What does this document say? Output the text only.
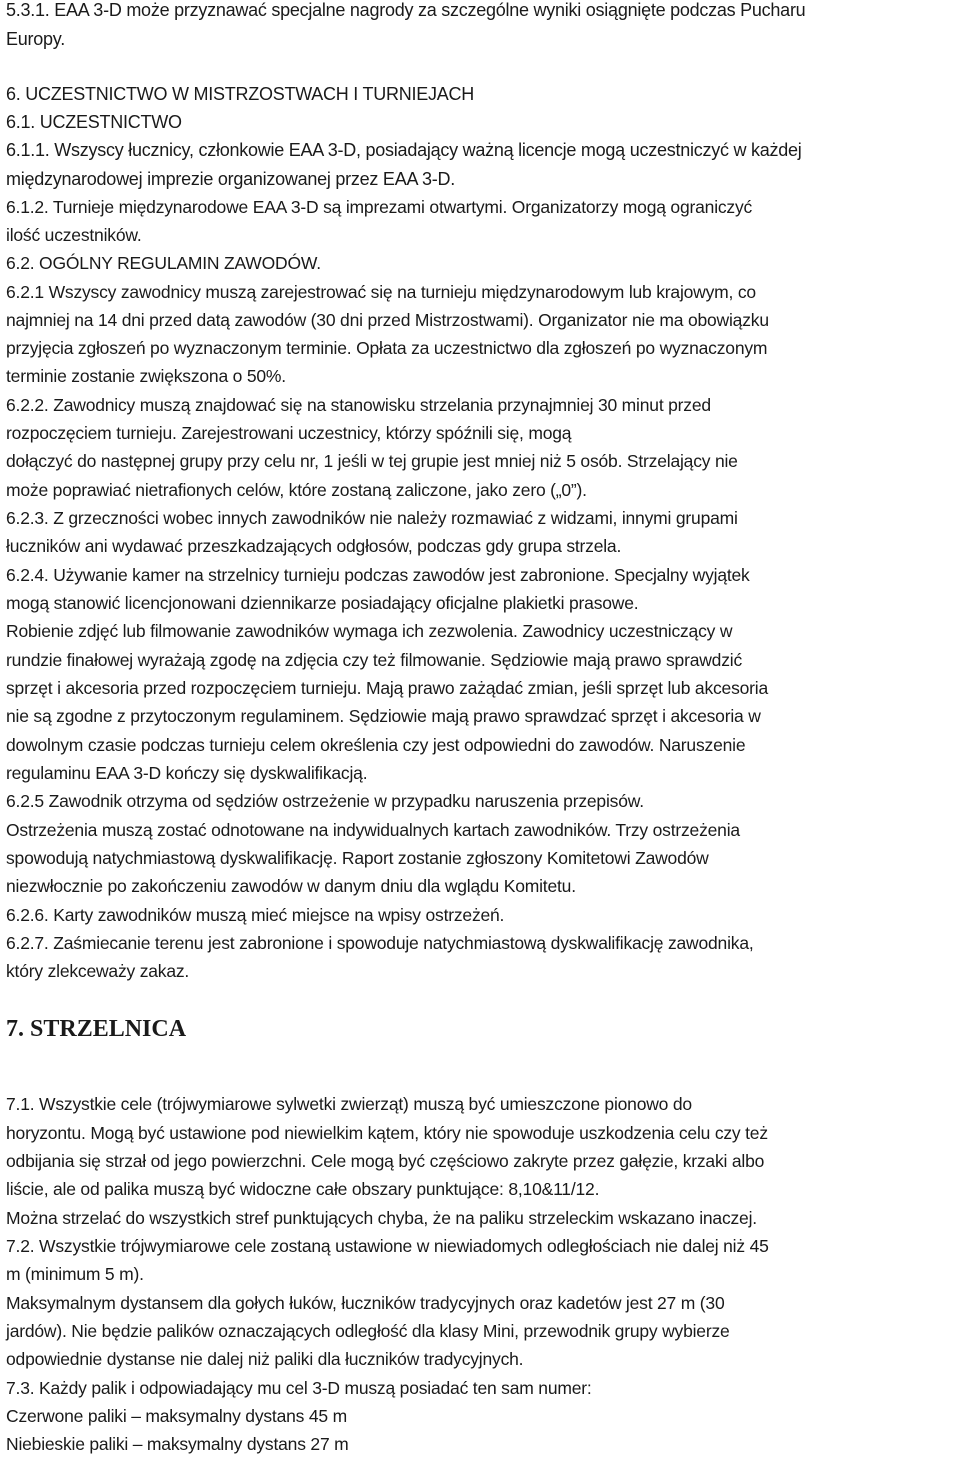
5.3.1. EAA 3-D może przyznawać specjalne nagrody za szczególne wyniki osiągnięte podczas Pucharu
Europy.
6. UCZESTNICTWO W MISTRZOSTWACH I TURNIEJACH
6.1. UCZESTNICTWO
6.1.1. Wszyscy łucznicy, członkowie EAA 3-D, posiadający ważną licencje mogą uczestniczyć w każdej
międzynarodowej imprezie organizowanej przez EAA 3-D.
6.1.2. Turnieje międzynarodowe EAA 3-D są imprezami otwartymi. Organizatorzy mogą ograniczyć
ilość uczestników.
6.2. OGÓLNY REGULAMIN ZAWODÓW.
6.2.1 Wszyscy zawodnicy muszą zarejestrować się na turnieju międzynarodowym lub krajowym, co
najmniej na 14 dni przed datą zawodów (30 dni przed Mistrzostwami). Organizator nie ma obowiązku
przyjęcia zgłoszeń po wyznaczonym terminie. Opłata za uczestnictwo dla zgłoszeń po wyznaczonym
terminie zostanie zwiększona o 50%.
6.2.2. Zawodnicy muszą znajdować się na stanowisku strzelania przynajmniej 30 minut przed
rozpoczęciem turnieju. Zarejestrowani uczestnicy, którzy spóźnili się, mogą
dołączyć do następnej grupy przy celu nr, 1 jeśli w tej grupie jest mniej niż 5 osób. Strzelający nie
może poprawiać nietrafionych celów, które zostaną zaliczone, jako zero („0”).
6.2.3. Z grzeczności wobec innych zawodników nie należy rozmawiać z widzami, innymi grupami
łuczników ani wydawać przeszkadzających odgłosów, podczas gdy grupa strzela.
6.2.4. Używanie kamer na strzelnicy turnieju podczas zawodów jest zabronione. Specjalny wyjątek
mogą stanowić licencjonowani dziennikarze posiadający oficjalne plakietki prasowe.
Robienie zdjęć lub filmowanie zawodników wymaga ich zezwolenia. Zawodnicy uczestniczący w
rundzie finałowej wyrażają zgodę na zdjęcia czy też filmowanie. Sędziowie mają prawo sprawdzić
sprzęt i akcesoria przed rozpoczęciem turnieju. Mają prawo zażądać zmian, jeśli sprzęt lub akcesoria
nie są zgodne z przytoczonym regulaminem. Sędziowie mają prawo sprawdzać sprzęt i akcesoria w
dowolnym czasie podczas turnieju celem określenia czy jest odpowiedni do zawodów. Naruszenie
regulaminu EAA 3-D kończy się dyskwalifikacją.
6.2.5 Zawodnik otrzyma od sędziów ostrzeżenie w przypadku naruszenia przepisów.
Ostrzeżenia muszą zostać odnotowane na indywidualnych kartach zawodników. Trzy ostrzeżenia
spowodują natychmiastową dyskwalifikację. Raport zostanie zgłoszony Komitetowi Zawodów
niezwłocznie po zakończeniu zawodów w danym dniu dla wglądu Komitetu.
6.2.6. Karty zawodników muszą mieć miejsce na wpisy ostrzeżeń.
6.2.7. Zaśmiecanie terenu jest zabronione i spowoduje natychmiastową dyskwalifikację zawodnika,
który zlekceważy zakaz.
7. STRZELNICA
7.1. Wszystkie cele (trójwymiarowe sylwetki zwierząt) muszą być umieszczone pionowo do
horyzontu. Mogą być ustawione pod niewielkim kątem, który nie spowoduje uszkodzenia celu czy też
odbijania się strzał od jego powierzchni. Cele mogą być częściowo zakryte przez gałęzie, krzaki albo
liście, ale od palika muszą być widoczne całe obszary punktujące: 8,10&11/12.
Można strzelać do wszystkich stref punktujących chyba, że na paliku strzeleckim wskazano inaczej.
7.2. Wszystkie trójwymiarowe cele zostaną ustawione w niewiadomych odległościach nie dalej niż 45
m (minimum 5 m).
Maksymalnym dystansem dla gołych łuków, łuczników tradycyjnych oraz kadetów jest 27 m (30
jardów). Nie będzie palików oznaczających odległość dla klasy Mini, przewodnik grupy wybierze
odpowiednie dystanse nie dalej niż paliki dla łuczników tradycyjnych.
7.3. Każdy palik i odpowiadający mu cel 3-D muszą posiadać ten sam numer:
Czerwone paliki – maksymalny dystans 45 m
Niebieskie paliki – maksymalny dystans 27 m
